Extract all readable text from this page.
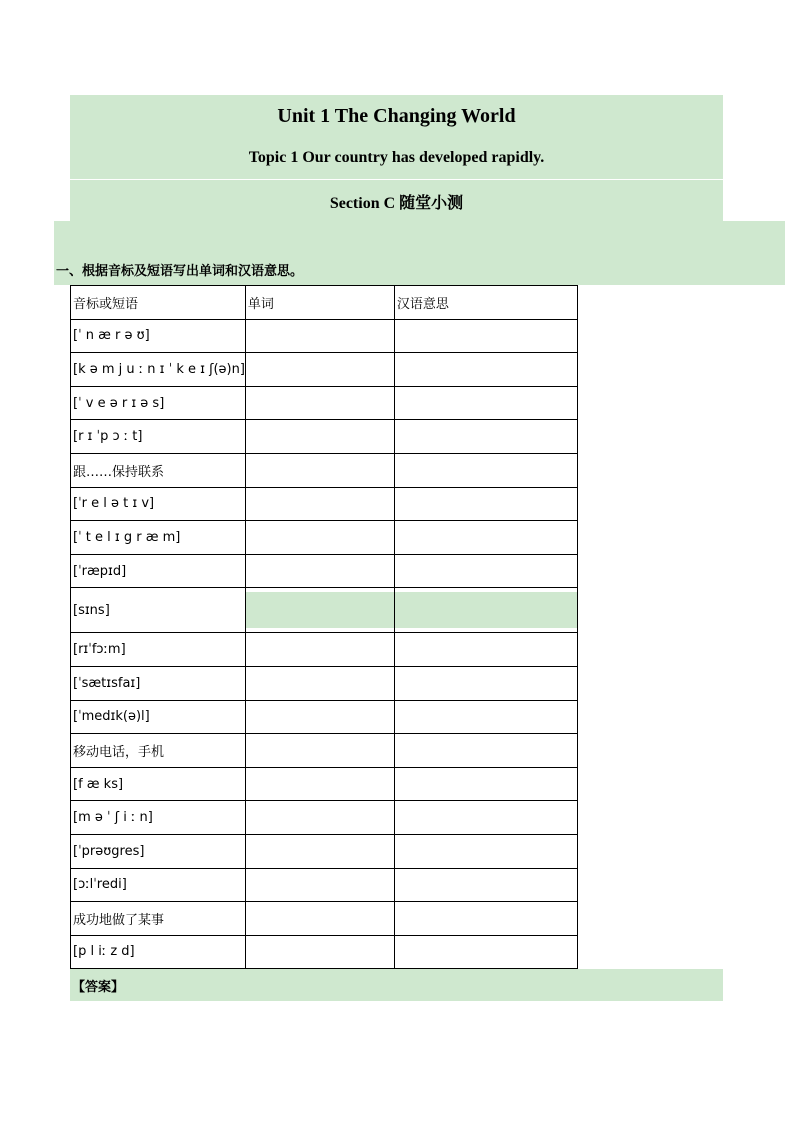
Unit 1 The Changing World
Topic 1 Our country has developed rapidly.
Section C 随堂小测
一、根据音标及短语写出单词和汉语意思。
音标或短语	单词	汉语意思
[ˈ n æ r ə ʊ]		
[k ə m j u ː n ɪ ˈ k e ɪ ʃ(ə)n]		
[ˈ v e ə r ɪ ə s]		
[r ɪ ˈp ɔ ː t]		
跟……保持联系		
[ˈr e l ə t ɪ v]		
[ˈ t e l ɪ g r æ m]		
[ˈræpɪd]		
[sɪns]		
[rɪˈfɔːm]		
[ˈsætɪsfaɪ]		
[ˈmedɪk(ə)l]		
移动电话，手机		
[f æ ks]		
[m ə ˈ ʃ i ː n]		
[ˈprəʊgres]		
[ɔːlˈredi]		
成功地做了某事		
[p l iː z d]		
【答案】
